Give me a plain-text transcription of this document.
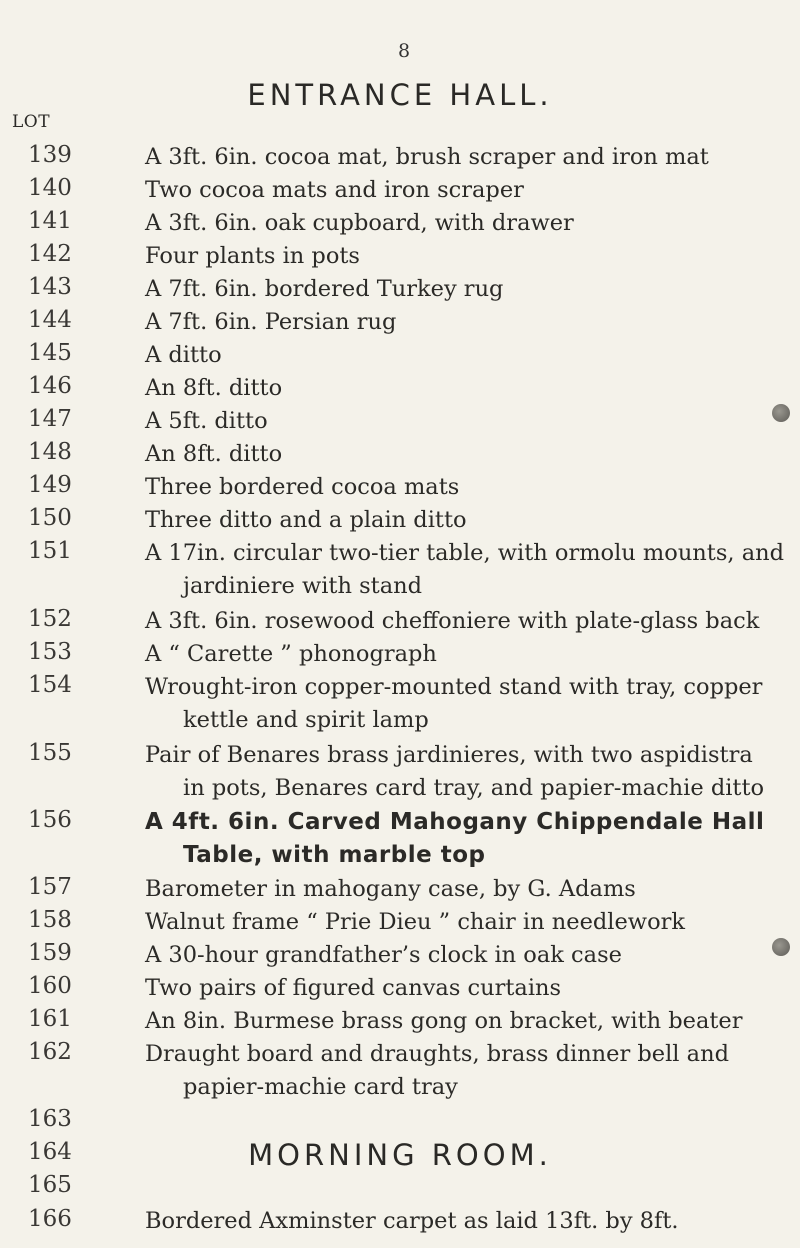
8
LOT
ENTRANCE HALL.
139
140
141
142
143
144
145
146
147
148
149
150
151
152
153
154
155
156
157
158
159
160
161
162
163
164
165
A 3ft. 6in. cocoa mat, brush scraper and iron mat
Two cocoa mats and iron scraper
A 3ft. 6in. oak cupboard, with drawer
Four plants in pots
A 7ft. 6in. bordered Turkey rug
A 7ft. 6in. Persian rug
A ditto
An 8ft. ditto
A 5ft. ditto
An 8ft. ditto
Three bordered cocoa mats
Three ditto and a plain ditto
A 17in. circular two-tier table, with ormolu mounts, and
jardiniere with stand
A 3ft. 6in. rosewood cheffoniere with plate-glass back
A “ Carette ” phonograph
Wrought-iron copper-mounted stand with tray, copper
kettle and spirit lamp
Pair of Benares brass jardinieres, with two aspidistra
in pots, Benares card tray, and papier-machie ditto
A 4ft. 6in. Carved Mahogany Chippendale Hall
Table, with marble top
Barometer in mahogany case, by G. Adams
Walnut frame “ Prie Dieu ” chair in needlework
A 30-hour grandfather’s clock in oak case
Two pairs of figured canvas curtains
An 8in. Burmese brass gong on bracket, with beater
Draught board and draughts, brass dinner bell and
papier-machie card tray
MORNING ROOM.
166	Bordered Axminster carpet as laid 13ft. by 8ft.
